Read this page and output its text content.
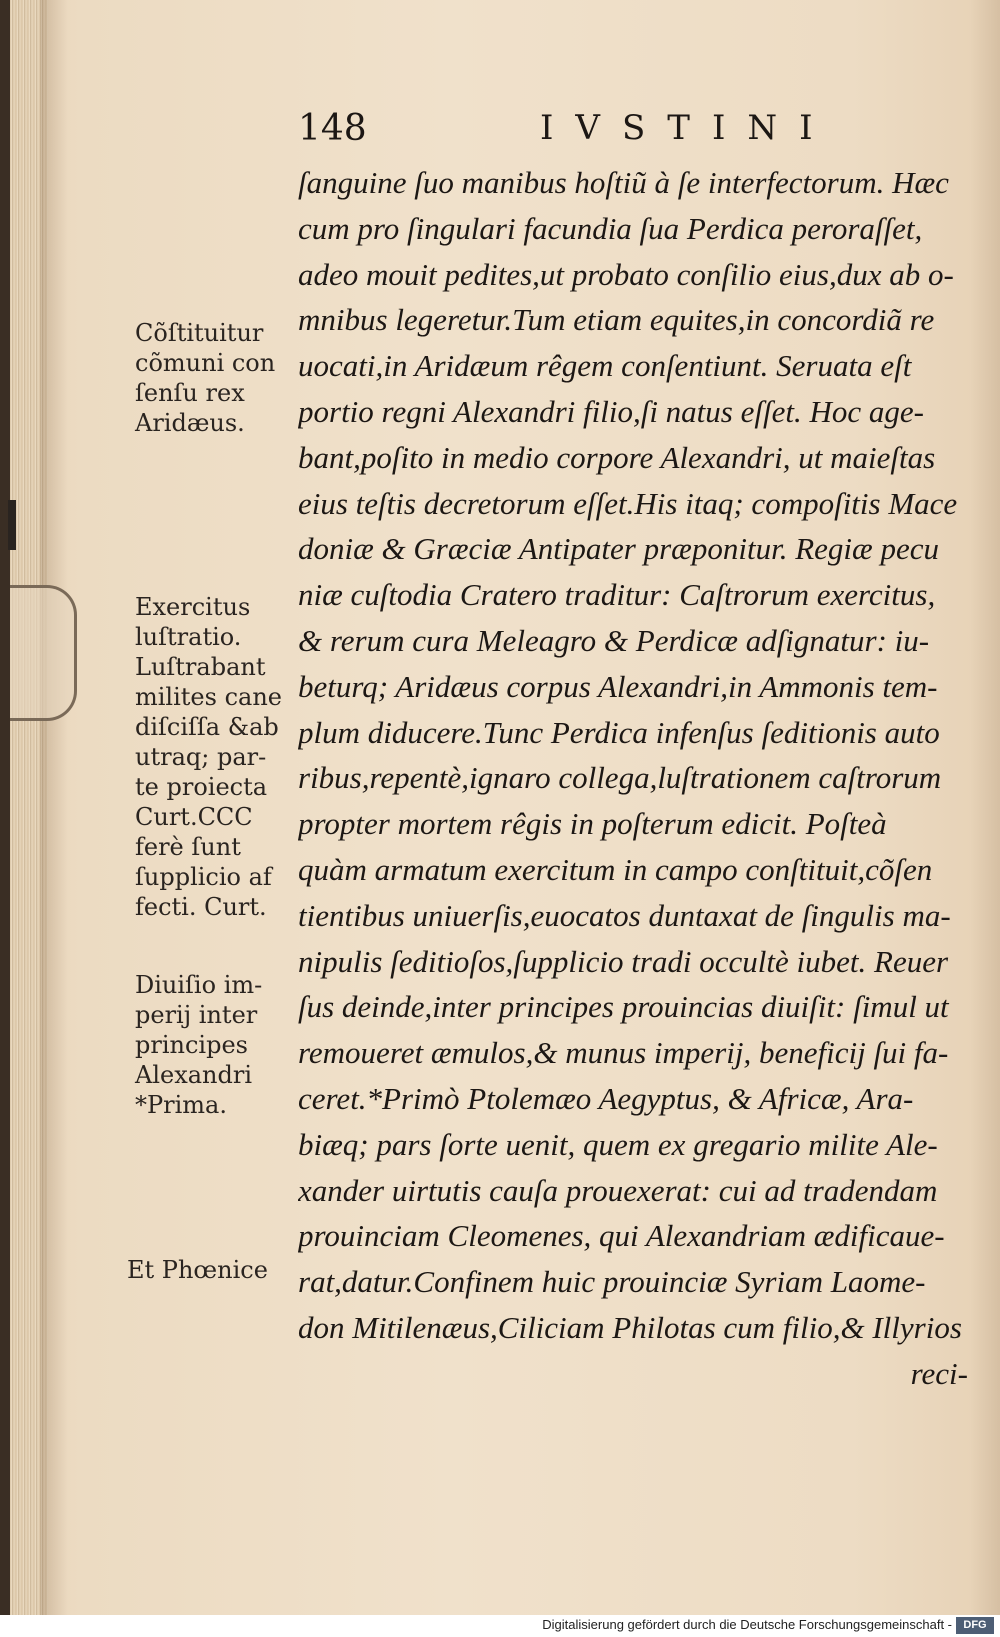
148	IVSTINI
ſanguine ſuo manibus hoſtiũ à ſe interfectorum. Hæc
cum pro ſingulari facundia ſua Perdica peroraſſet,
adeo mouit pedites,ut probato conſilio eius,dux ab o-
mnibus legeretur.Tum etiam equites,in concordiã re
uocati,in Aridæum rêgem conſentiunt. Seruata eſt
portio regni Alexandri filio,ſi natus eſſet. Hoc age-
bant,poſito in medio corpore Alexandri, ut maieſtas
eius teſtis decretorum eſſet.His itaq; compoſitis Mace
doniæ & Græciæ Antipater præponitur. Regiæ pecu
niæ cuſtodia Cratero traditur: Caſtrorum exercitus,
& rerum cura Meleagro & Perdicæ adſignatur: iu-
beturq; Aridæus corpus Alexandri,in Ammonis tem-
plum diducere.Tunc Perdica infenſus ſeditionis auto
ribus,repentè,ignaro collega,luſtrationem caſtrorum
propter mortem rêgis in poſterum edicit. Poſteà
quàm armatum exercitum in campo conſtituit,cõſen
tientibus uniuerſis,euocatos duntaxat de ſingulis ma-
nipulis ſeditioſos,ſupplicio tradi occultè iubet. Reuer
ſus deinde,inter principes prouincias diuiſit: ſimul ut
remoueret æmulos,& munus imperij, beneficij ſui fa-
ceret.*Primò Ptolemæo Aegyptus, & Africæ, Ara-
biæq; pars ſorte uenit, quem ex gregario milite Ale-
xander uirtutis cauſa prouexerat: cui ad tradendam
prouinciam Cleomenes, qui Alexandriam ædificaue-
rat,datur.Confinem huic prouinciæ Syriam Laome-
don Mitilenæus,Ciliciam Philotas cum filio,& Illyrios
reci-
Cõſtituitur
cõmuni con
ſenſu rex
Aridæus.
Exercitus
luſtratio.
Luſtrabant
milites cane
diſciſſa &ab
utraq; par-
te proiecta
Curt.CCC
ferè ſunt
ſupplicio af
fecti. Curt.
Diuiſio im-
perij inter
principes
Alexandri
*Prima.
Et Phœnice
Digitalisierung gefördert durch die Deutsche Forschungsgemeinschaft -	DFG
